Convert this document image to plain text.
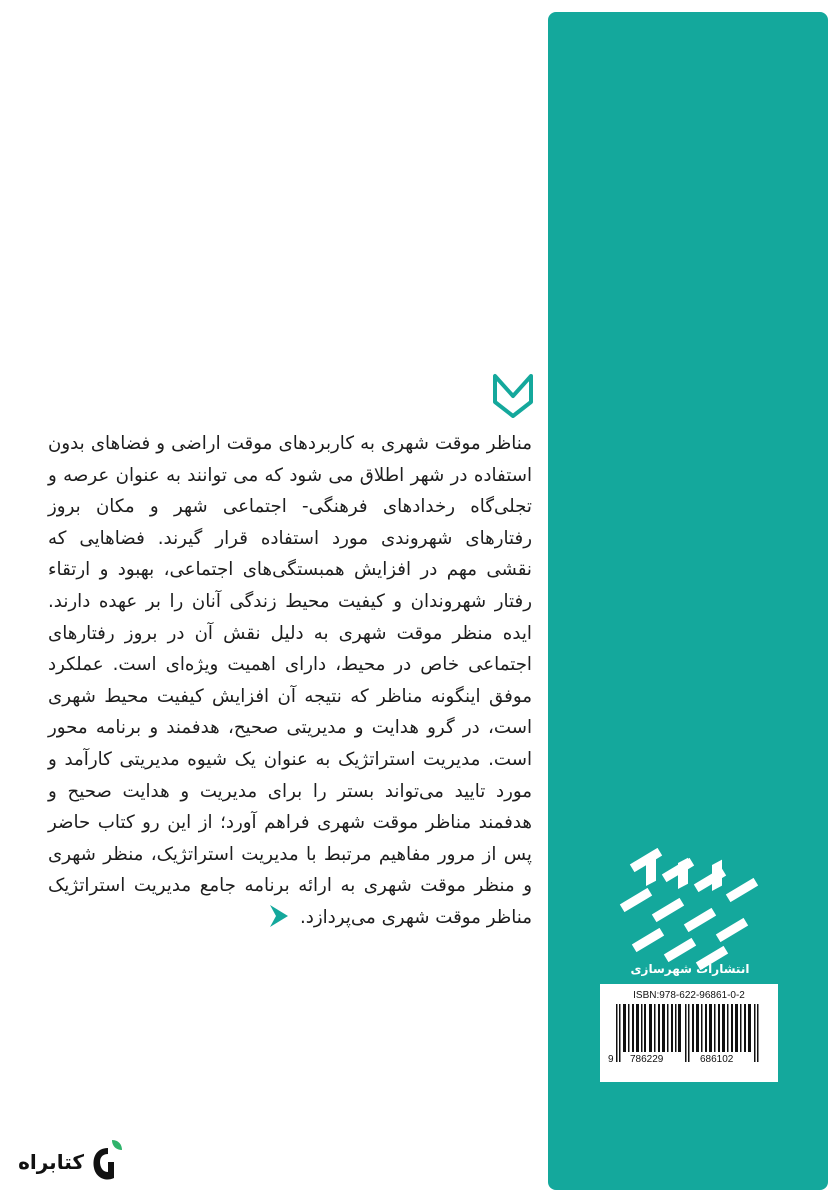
مناظر موقت شهری به کاربردهای موقت اراضی و فضاهای بدون استفاده در شهر اطلاق می شود که می توانند به عنوان عرصه و تجلی‌گاه رخدادهای فرهنگی- اجتماعی شهر و مکان بروز رفتارهای شهروندی مورد استفاده قرار گیرند. فضاهایی که نقشی مهم در افزایش همبستگی‌های اجتماعی، بهبود و ارتقاء رفتار شهروندان و کیفیت محیط زندگی آنان را بر عهده دارند. ایده منظر موقت شهری به دلیل نقش آن در بروز رفتارهای اجتماعی خاص در محیط، دارای اهمیت ویژه‌ای است. عملکرد موفق اینگونه مناظر که نتیجه آن افزایش کیفیت محیط شهری است، در گرو هدایت و مدیریتی صحیح، هدفمند و برنامه محور است. مدیریت استراتژیک به عنوان یک شیوه مدیریتی کارآمد و مورد تایید می‌تواند بستر را برای مدیریت و هدایت صحیح و هدفمند مناظر موقت شهری فراهم آورد؛ از این رو کتاب حاضر پس از مرور مفاهیم مرتبط با مدیریت استراتژیک، منظر شهری و منظر موقت شهری به ارائه برنامه جامع مدیریت استراتژیک مناظر موقت شهری می‌پردازد.

انتشارات شهرسازی
ISBN:978-622-96861-0-2
9 786229	686102
کتابراه
